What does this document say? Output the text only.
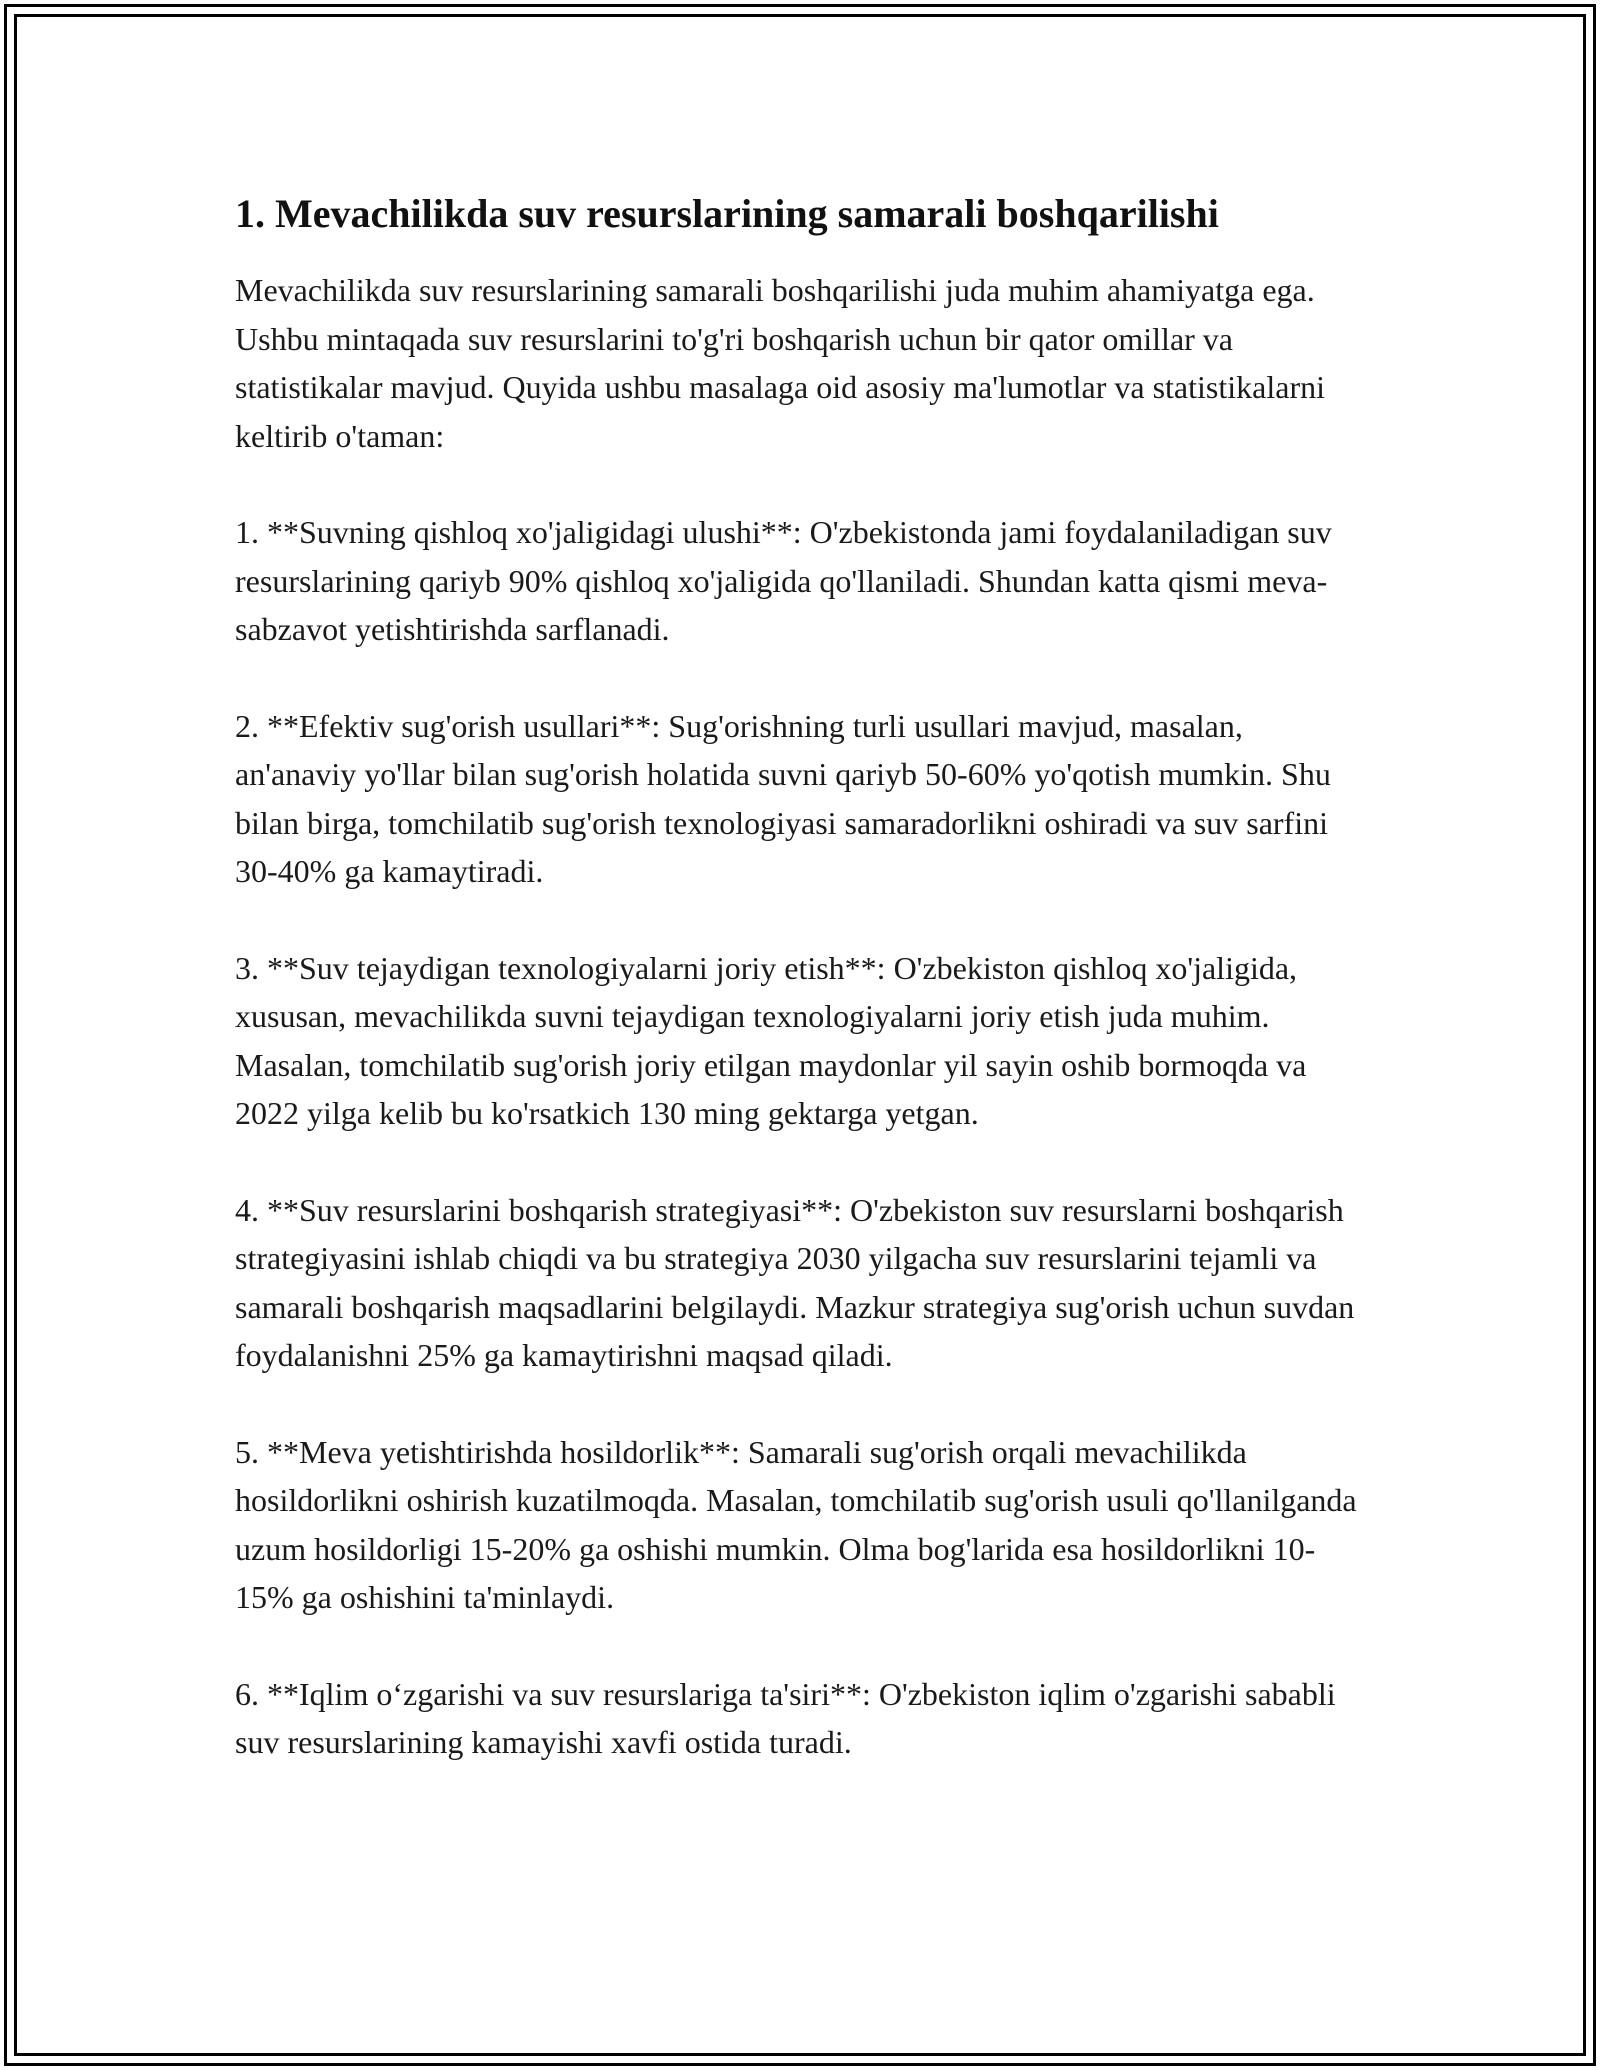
1. Mevachilikda suv resurslarining samarali boshqarilishi

Mevachilikda suv resurslarining samarali boshqarilishi juda muhim ahamiyatga ega. Ushbu mintaqada suv resurslarini to'g'ri boshqarish uchun bir qator omillar va statistikalar mavjud. Quyida ushbu masalaga oid asosiy ma'lumotlar va statistikalarni keltirib o'taman:

1. **Suvning qishloq xo'jaligidagi ulushi**: O'zbekistonda jami foydalaniladigan suv resurslarining qariyb 90% qishloq xo'jaligida qo'llaniladi. Shundan katta qismi meva-sabzavot yetishtirishda sarflanadi.

2. **Efektiv sug'orish usullari**: Sug'orishning turli usullari mavjud, masalan, an'anaviy yo'llar bilan sug'orish holatida suvni qariyb 50-60% yo'qotish mumkin. Shu bilan birga, tomchilatib sug'orish texnologiyasi samaradorlikni oshiradi va suv sarfini 30-40% ga kamaytiradi.

3. **Suv tejaydigan texnologiyalarni joriy etish**: O'zbekiston qishloq xo'jaligida, xususan, mevachilikda suvni tejaydigan texnologiyalarni joriy etish juda muhim. Masalan, tomchilatib sug'orish joriy etilgan maydonlar yil sayin oshib bormoqda va 2022 yilga kelib bu ko'rsatkich 130 ming gektarga yetgan.

4. **Suv resurslarini boshqarish strategiyasi**: O'zbekiston suv resurslarni boshqarish strategiyasini ishlab chiqdi va bu strategiya 2030 yilgacha suv resurslarini tejamli va samarali boshqarish maqsadlarini belgilaydi. Mazkur strategiya sug'orish uchun suvdan foydalanishni 25% ga kamaytirishni maqsad qiladi.

5. **Meva yetishtirishda hosildorlik**: Samarali sug'orish orqali mevachilikda hosildorlikni oshirish kuzatilmoqda. Masalan, tomchilatib sug'orish usuli qo'llanilganda uzum hosildorligi 15-20% ga oshishi mumkin. Olma bog'larida esa hosildorlikni 10-15% ga oshishini ta'minlaydi.

6. **Iqlim o‘zgarishi va suv resurslariga ta'siri**: O'zbekiston iqlim o'zgarishi sababli suv resurslarining kamayishi xavfi ostida turadi.
